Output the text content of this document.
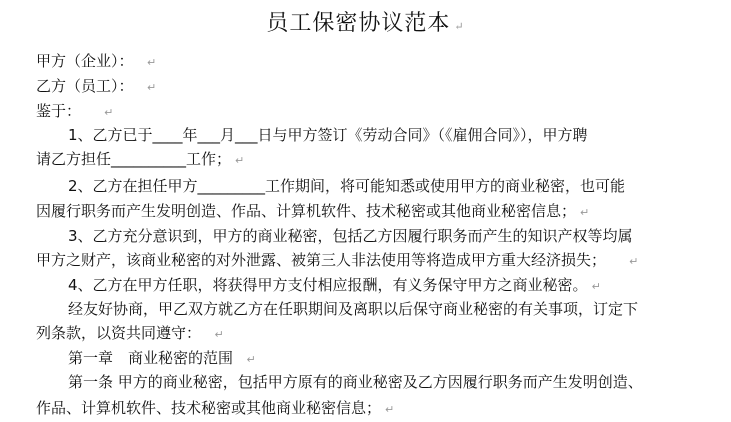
员工保密协议范本 ↵
甲方（企业）：  ↵
乙方（员工）：  ↵
鉴于：    ↵
1、乙方已于____年___月___日与甲方签订《劳动合同》（《雇佣合同》），甲方聘
请乙方担任__________工作； ↵
2、乙方在担任甲方_________工作期间，将可能知悉或使用甲方的商业秘密，也可能
因履行职务而产生发明创造、作品、计算机软件、技术秘密或其他商业秘密信息； ↵
3、乙方充分意识到，甲方的商业秘密，包括乙方因履行职务而产生的知识产权等均属
甲方之财产，该商业秘密的对外泄露、被第三人非法使用等将造成甲方重大经济损失；    ↵
4、乙方在甲方任职，将获得甲方支付相应报酬，有义务保守甲方之商业秘密。 ↵
经友好协商，甲乙双方就乙方在任职期间及离职以后保守商业秘密的有关事项，订定下
列条款，以资共同遵守：  ↵
第一章　商业秘密的范围  ↵
第一条 甲方的商业秘密，包括甲方原有的商业秘密及乙方因履行职务而产生发明创造、
作品、计算机软件、技术秘密或其他商业秘密信息； ↵
